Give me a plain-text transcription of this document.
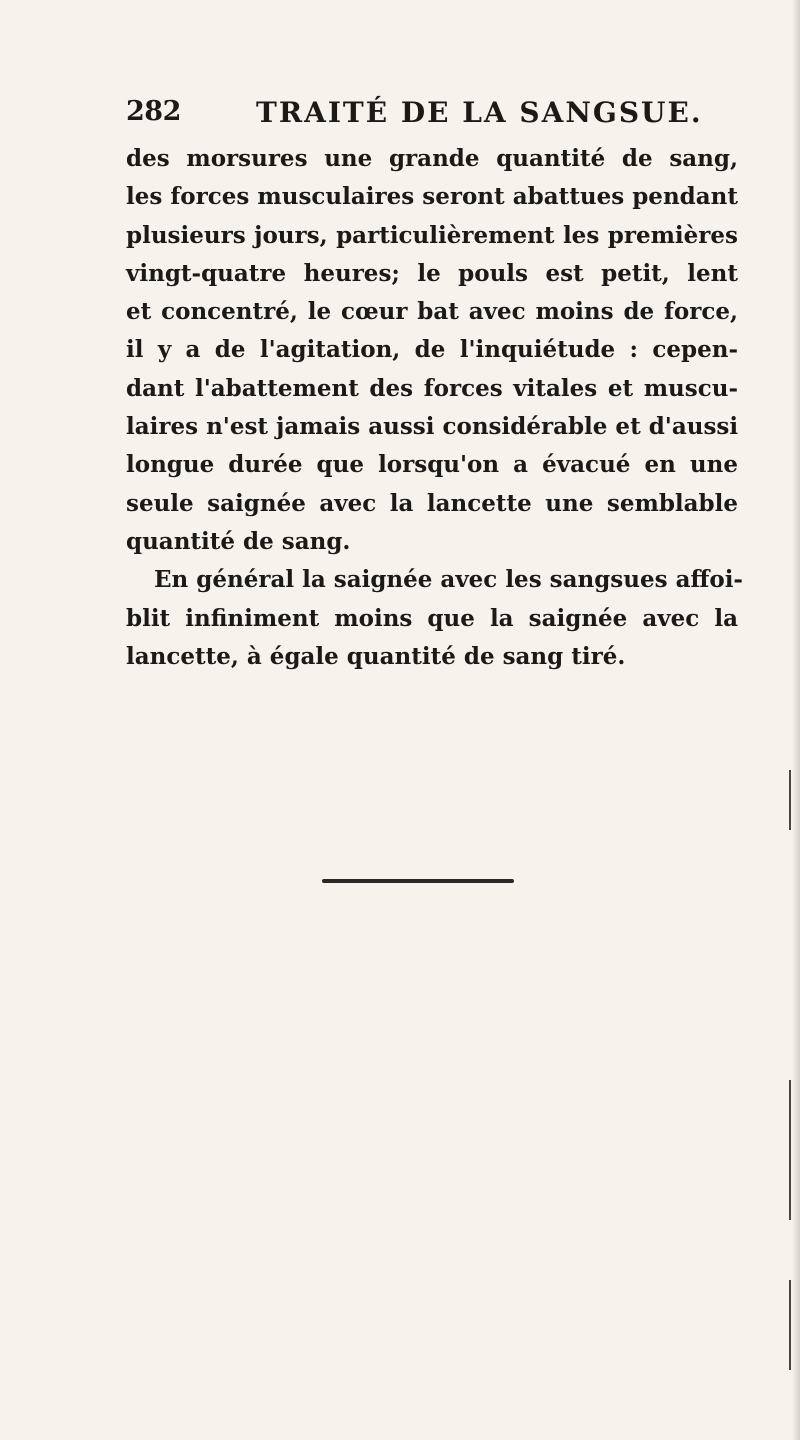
282	TRAITÉ DE LA SANGSUE.
des morsures une grande quantité de sang,
les forces musculaires seront abattues pendant
plusieurs jours, particulièrement les premières
vingt-quatre heures; le pouls est petit, lent
et concentré, le cœur bat avec moins de force,
il y a de l'agitation, de l'inquiétude : cepen-
dant l'abattement des forces vitales et muscu-
laires n'est jamais aussi considérable et d'aussi
longue durée que lorsqu'on a évacué en une
seule saignée avec la lancette une semblable
quantité de sang.
En général la saignée avec les sangsues affoi-
blit infiniment moins que la saignée avec la
lancette, à égale quantité de sang tiré.
